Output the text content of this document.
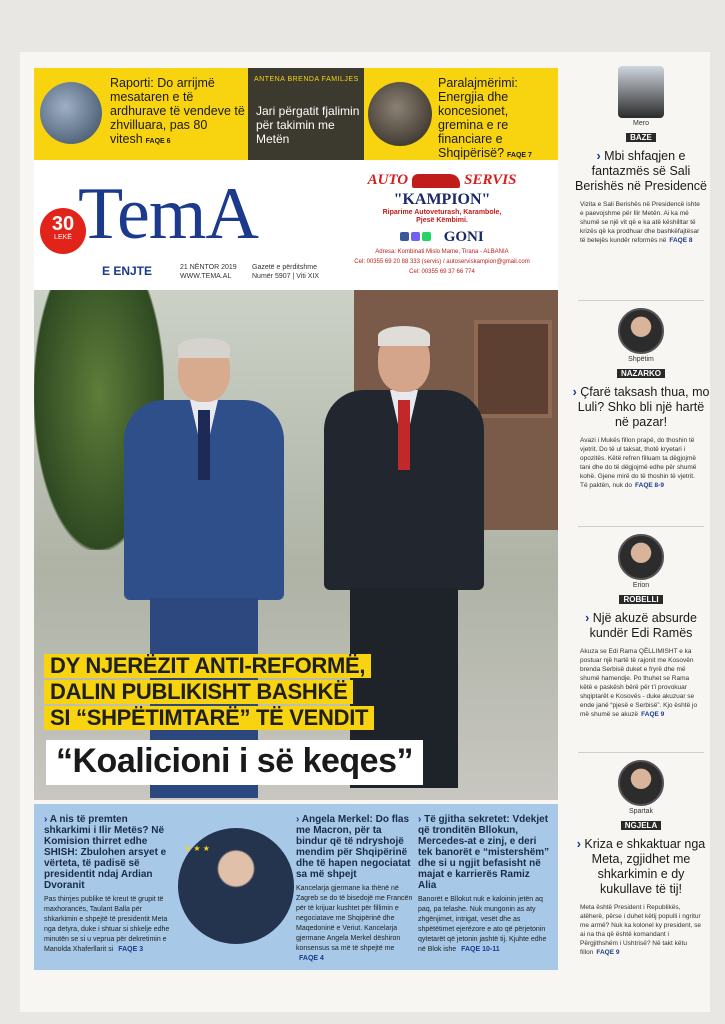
Raporti: Do arrijmë mesataren e të ardhurave të vendeve të zhvilluara, pas 80 vitesh FAQE 6
ANTENA BRENDA FAMILJES
Jari përgatit fjalimin për takimin me Metën
Paralajmërimi: Energjia dhe koncesionet, gremina e re financiare e Shqipërisë? FAQE 7
30
LEKË TemA
E ENJTE	21 NËNTOR 2019
WWW.TEMA.AL
Gazetë e përditshme
Numër 5907 | Viti XIX
AUTO	SERVIS
"KAMPION"
Riparime Autoveturash, Karambole,
Pjesë Këmbimi.
GONI
Adresa: Kombinati Mislo Mame, Tirana - ALBANIA
Cel: 00355 69 20 88 333 (servis) / autoserviskampion@gmail.com
Cel: 00355 69 37 66 774
DY NJERËZIT ANTI-REFORMË,
DALIN PUBLIKISHT BASHKË
SI “SHPËTIMTARË” TË VENDIT
“Koalicioni i së keqes”
› A nis të premten shkarkimi i Ilir Metës? Në Komision thirret edhe SHISH: Zbulohen arsyet e vërteta, të padisë së presidentit ndaj Ardian Dvoranit
Pas thirrjes publike të kreut të grupit të maxhorancës, Taulant Balla për shkarkimin e shpejtë të presidentit Meta nga detyra, duke i shtuar si shkelje edhe minutën se si u veprua për dekretimin e Manolda Xhaferllarit si FAQE 3
★ ★ ★
› Angela Merkel: Do flas me Macron, për ta bindur që të ndryshojë mendim për Shqipërinë dhe të hapen negociatat sa më shpejt
Kancelarja gjermane ka thënë në Zagreb se do të bisedojë me Francën për të krijuar kushtet për fillimin e negociatave me Shqipërinë dhe Maqedoninë e Veriut. Kancelarja gjermane Angela Merkel dëshiron konsensus sa më të shpejtë me FAQE 4
› Të gjitha sekretet: Vdekjet që tronditën Bllokun, Mercedes-at e zinj, e deri tek banorët e “mistershëm” dhe si u ngjit befasisht në majat e karrierës Ramiz Alia
Banorët e Bllokut nuk e kaloinin jetën aq paq, pa telashe. Nuk mungonin as aty zhgënjimet, intrigat, vesët dhe as shpëtëtimet ejerëzore e ato që përjetonin qytetarët që jetonin jashtë tij. Kjuhte edhe në Blok ishe FAQE 10-11
Mero
BAZE
› Mbi shfaqjen e fantazmës së Sali Berishës në Presidencë
Vizita e Sali Berishës në Presidencë ishte e paevojshme për Ilir Metën. Ai ka më shumë se një vit që e ka atë këshilltar të krizës që ka prodhuar dhe bashkëfajtësar të betejës kundër reformës në FAQE 8
Shpëtim
NAZARKO
› Çfarë taksash thua, mo Luli? Shko bli një hartë në pazar!
Avazi i Mukës fillon prapë, do thoshin të vjetrit. Do të ul taksat, thotë kryetari i opozitës. Këtë refren filluam ta dëgjojmë tani dhe do të dëgjojmë edhe për shumë kohë. Gjene mirë do të thoshin të vjetrit. Të paktën, nuk do FAQE 8-9
Erion
ROBELLI
› Një akuzë absurde kundër Edi Ramës
Akuza se Edi Rama QËLLIMISHT e ka postuar një hartë të rajonit me Kosovën brenda Serbisë duket e fryrë dhe më shumë hamendje. Po thuhet se Rama këtë e paskësh bërë për t’i provokuar shqiptarët e Kosovës - duke akuzuar se ende janë “pjesë e Serbisë”. Kjo është jo më shumë se akuzë FAQE 9
Spartak
NGJELA
› Kriza e shkaktuar nga Meta, zgjidhet me shkarkimin e dy kukullave të tij!
Meta është President i Republikës, atëherë, përse i duhet këtij populli i ngritur me armë? Nuk ka kolonel ky president, se ai na tha që është komandant i Përgjithshëm i Ushtrisë? Në takt këtu fillon FAQE 9
